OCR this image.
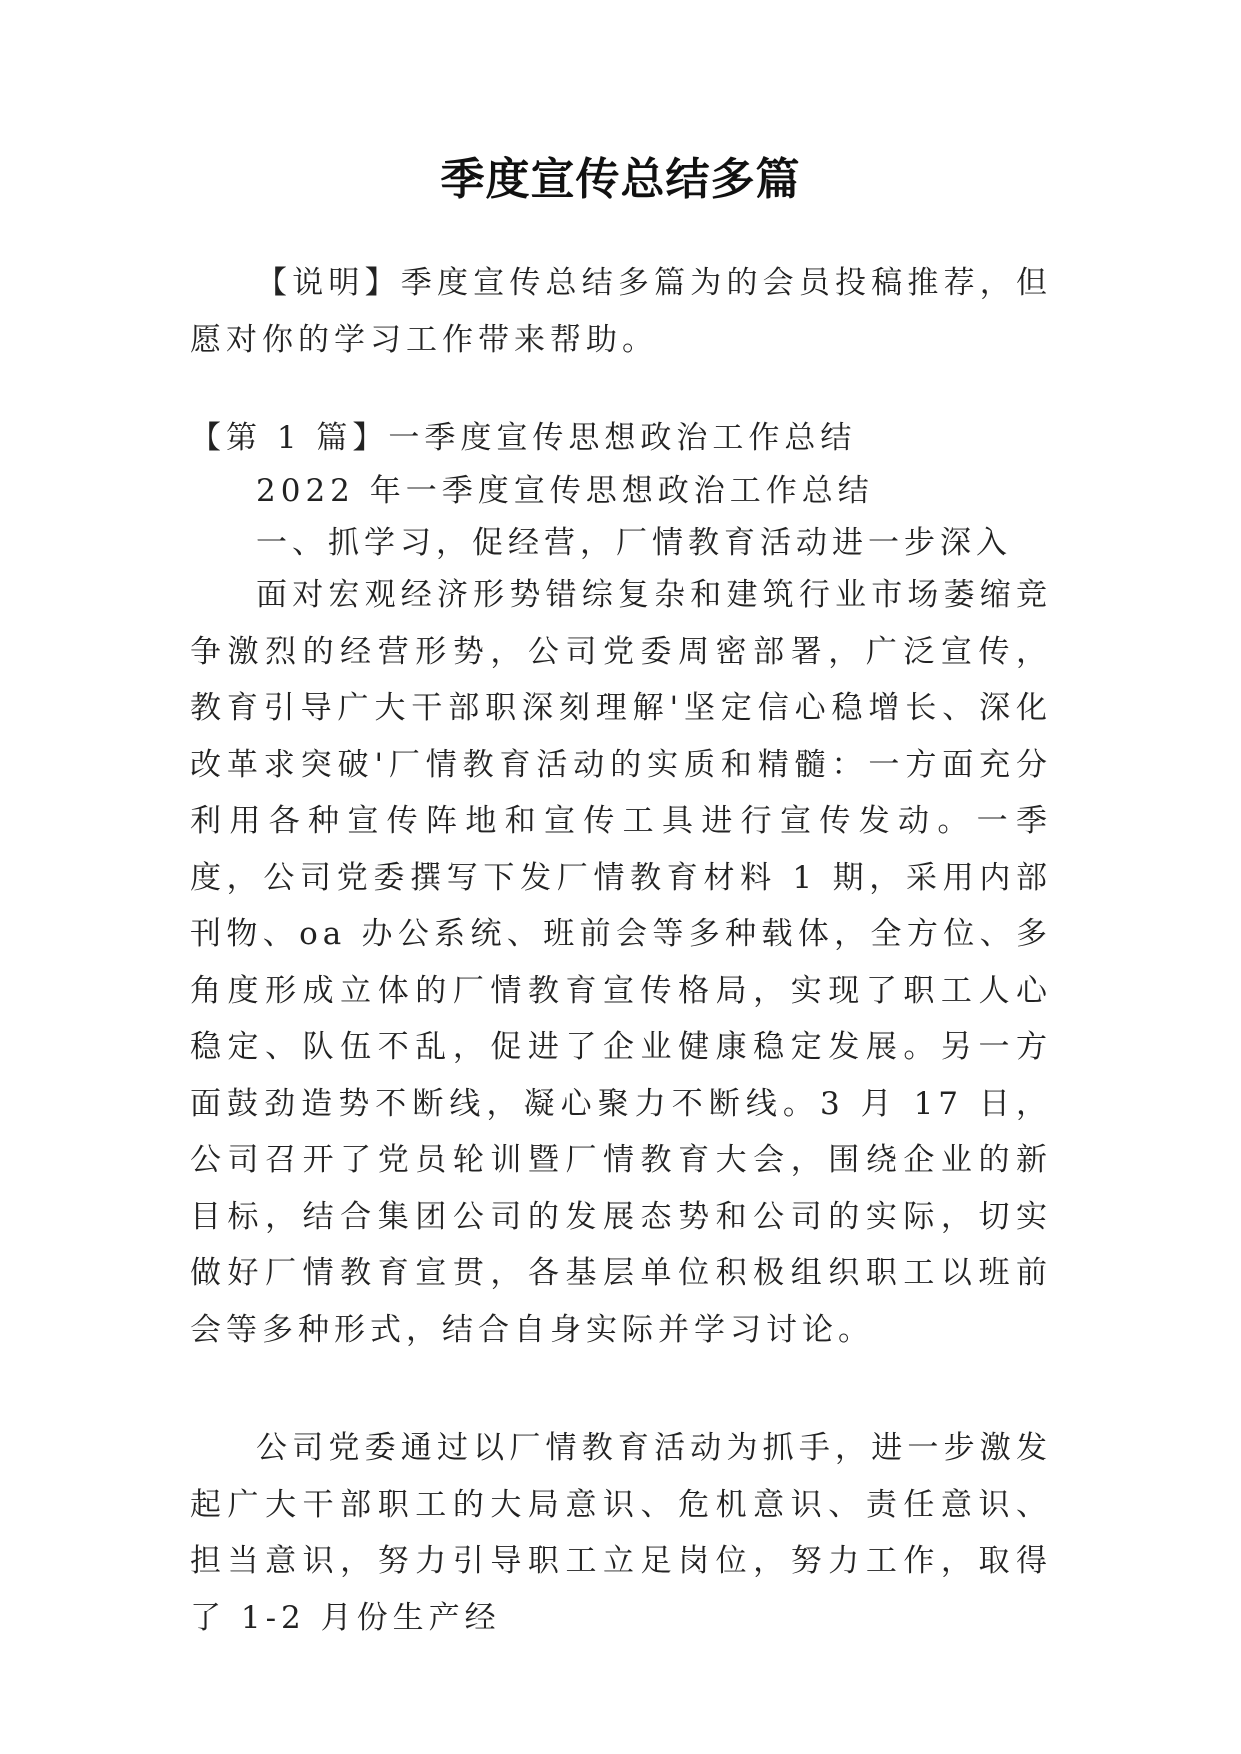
季度宣传总结多篇

【说明】季度宣传总结多篇为的会员投稿推荐，但愿对你的学习工作带来帮助。

【第 1 篇】一季度宣传思想政治工作总结

2022 年一季度宣传思想政治工作总结

一、抓学习，促经营，厂情教育活动进一步深入

面对宏观经济形势错综复杂和建筑行业市场萎缩竞争激烈的经营形势，公司党委周密部署，广泛宣传，教育引导广大干部职深刻理解'坚定信心稳增长、深化改革求突破'厂情教育活动的实质和精髓：一方面充分利用各种宣传阵地和宣传工具进行宣传发动。一季度，公司党委撰写下发厂情教育材料 1 期，采用内部刊物、oa 办公系统、班前会等多种载体，全方位、多角度形成立体的厂情教育宣传格局，实现了职工人心稳定、队伍不乱，促进了企业健康稳定发展。另一方面鼓劲造势不断线，凝心聚力不断线。3 月 17 日，公司召开了党员轮训暨厂情教育大会，围绕企业的新目标，结合集团公司的发展态势和公司的实际，切实做好厂情教育宣贯，各基层单位积极组织职工以班前会等多种形式，结合自身实际并学习讨论。

公司党委通过以厂情教育活动为抓手，进一步激发起广大干部职工的大局意识、危机意识、责任意识、担当意识，努力引导职工立足岗位，努力工作，取得了 1-2 月份生产经
